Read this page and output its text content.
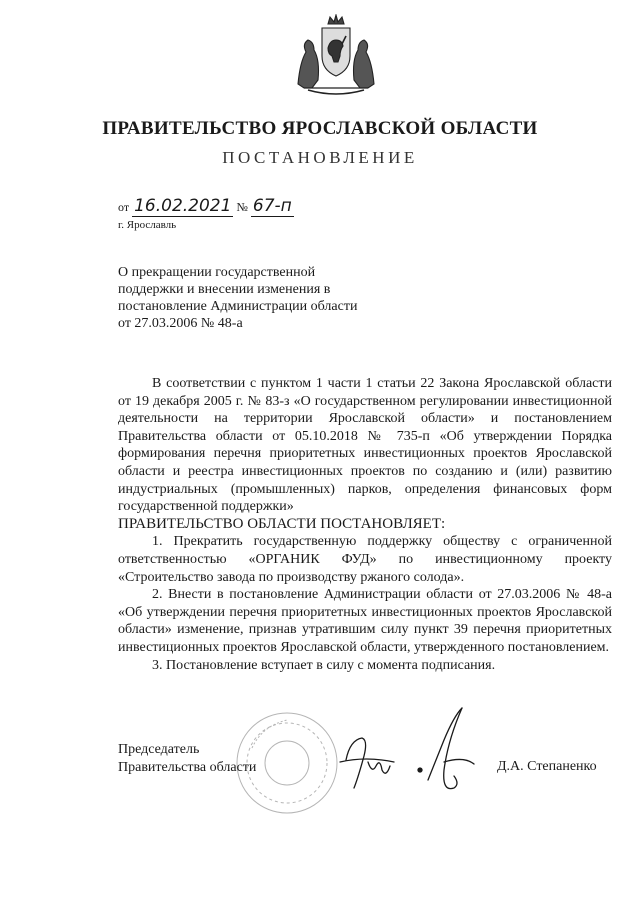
ПРАВИТЕЛЬСТВО ЯРОСЛАВСКОЙ ОБЛАСТИ
ПОСТАНОВЛЕНИЕ
от 16.02.2021 № 67-п
г. Ярославль
О прекращении государственной поддержки и внесении изменения в постановление Администрации области от 27.03.2006 № 48-а

В соответствии с пунктом 1 части 1 статьи 22 Закона Ярославской области от 19 декабря 2005 г. № 83-з «О государственном регулировании инвестиционной деятельности на территории Ярославской области» и постановлением Правительства области от 05.10.2018 № 735-п «Об утверждении Порядка формирования перечня приоритетных инвестиционных проектов Ярославской области и реестра инвестиционных проектов по созданию и (или) развитию индустриальных (промышленных) парков, определения финансовых форм государственной поддержки»

ПРАВИТЕЛЬСТВО ОБЛАСТИ ПОСТАНОВЛЯЕТ:

1. Прекратить государственную поддержку обществу с ограниченной ответственностью «ОРГАНИК ФУД» по инвестиционному проекту «Строительство завода по производству ржаного солода».

2. Внести в постановление Администрации области от 27.03.2006 № 48-а «Об утверждении перечня приоритетных инвестиционных проектов Ярославской области» изменение, признав утратившим силу пункт 39 перечня приоритетных инвестиционных проектов Ярославской области, утвержденного постановлением.

3. Постановление вступает в силу с момента подписания.

Председатель
Правительства области	Д.А. Степаненко
